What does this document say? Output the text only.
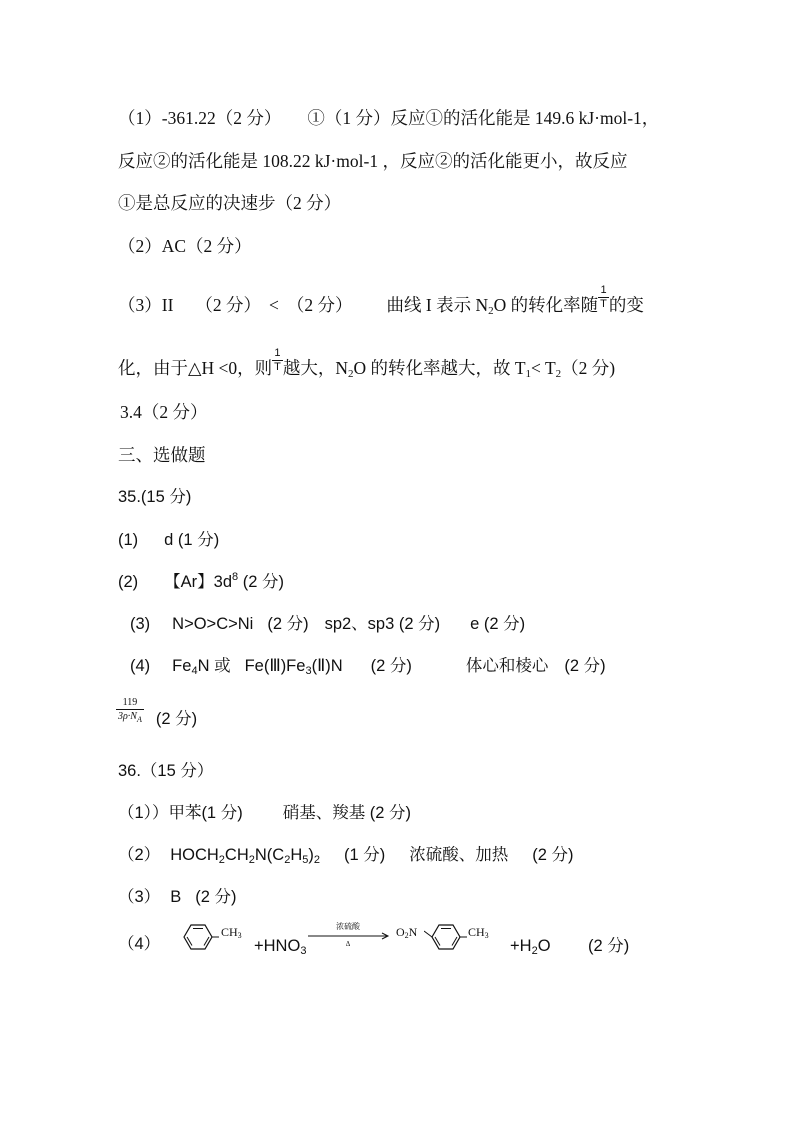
（1）-361.22（2 分） ①（1 分）反应①的活化能是 149.6 kJ·mol-1，
反应②的活化能是 108.22 kJ·mol-1 ，反应②的活化能更小，故反应
①是总反应的决速步（2 分）
（2）AC（2 分）
（3）II （2 分） < （2 分） 曲线 I 表示 $N_2O$ 的转化率随 $\frac{1}{T}$ 的变
化，由于△H <0，则 $\frac{1}{T}$ 越大，$N_2O$ 的转化率越大，故 $T_1< T_2(2$ 分)
3.4（2 分）
三、选做题
35.(15 分)
(1) d (1 分)
(2) 【Ar】$3d^8$ (2 分)
(3) N>O>C>Ni (2 分) sp2、sp3 (2 分) e (2 分)
(4) $Fe_4N$ 或 $Fe(Ⅲ)Fe_3(Ⅱ)N$ (2 分)	体心和棱心 (2 分)
$\frac{119}{3\rho\cdot N_A} (2$ 分)
36.（15 分）
（1））甲苯(1 分) 硝基、羧基 (2 分)
（2） $HOCH_2CH_2N(C_2H_5)_2$ (1 分) 浓硫酸、加热 (2 分)
（3） B (2 分)
（4）
$CH_3$
$+HNO_3$
浓硫酸
Δ
$O_2N$	$CH_3$
$+H_2O$ (2 分)
